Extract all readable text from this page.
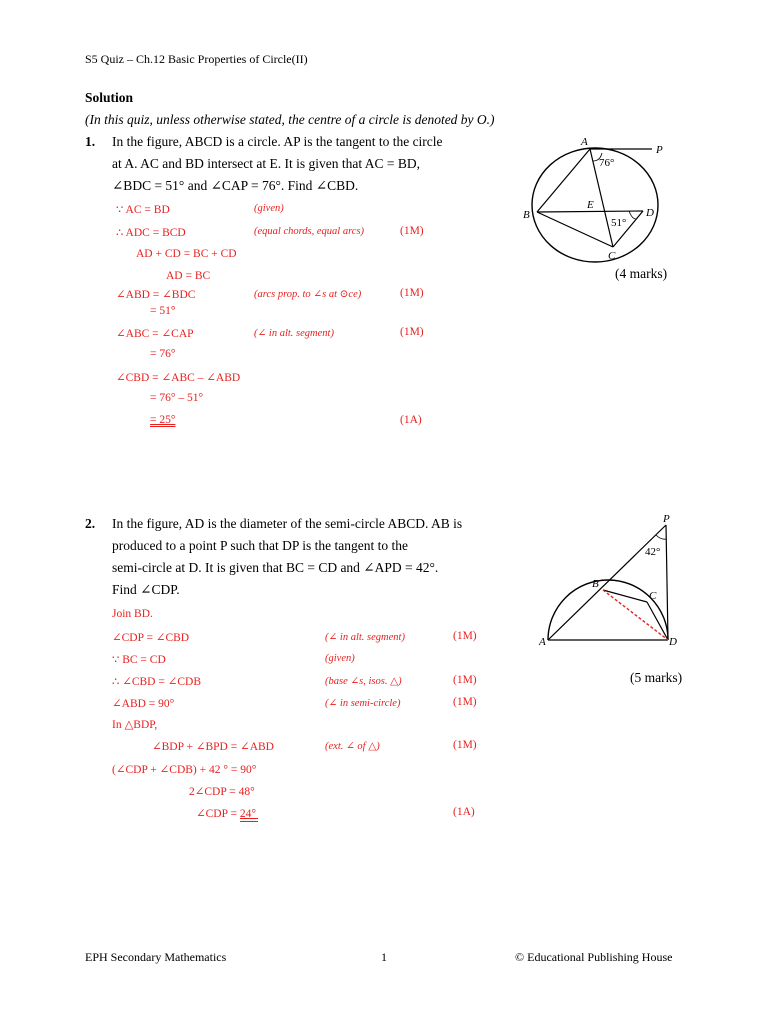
S5 Quiz – Ch.12 Basic Properties of Circle(II)
Solution
(In this quiz, unless otherwise stated, the centre of a circle is denoted by O.)
1. In the figure, ABCD is a circle. AP is the tangent to the circle
at A. AC and BD intersect at E. It is given that AC = BD,
∠BDC = 51° and ∠CAP = 76°. Find ∠CBD.
∵ AC = BD	(given)
∴ ADC = BCD	(equal chords, equal arcs)	(1M)
AD + CD = BC + CD
AD = BC
∠ABD = ∠BDC	(arcs prop. to ∠s at ⊙ce)	(1M)
= 51°
∠ABC = ∠CAP	(∠ in alt. segment)	(1M)
= 76°
∠CBD = ∠ABC – ∠ABD
= 76° – 51°
= 25°	(1A)
(4 marks)
A
P
B
E
D
C
76°
51°
2. In the figure, AD is the diameter of the semi-circle ABCD. AB is
produced to a point P such that DP is the tangent to the
semi-circle at D. It is given that BC = CD and ∠APD = 42°.
Find ∠CDP.
Join BD.
∠CDP = ∠CBD	(∠ in alt. segment)	(1M)
∵ BC = CD	(given)
∴ ∠CBD = ∠CDB	(base ∠s, isos. △)	(1M)
∠ABD = 90°	(∠ in semi-circle)	(1M)
In △BDP,
∠BDP + ∠BPD = ∠ABD	(ext. ∠ of △)	(1M)
(∠CDP + ∠CDB) + 42 ° = 90°
2∠CDP = 48°
∠CDP = 24°	(1A)
(5 marks)
P
B
C
A	D
42°
EPH Secondary Mathematics	1	© Educational Publishing House
